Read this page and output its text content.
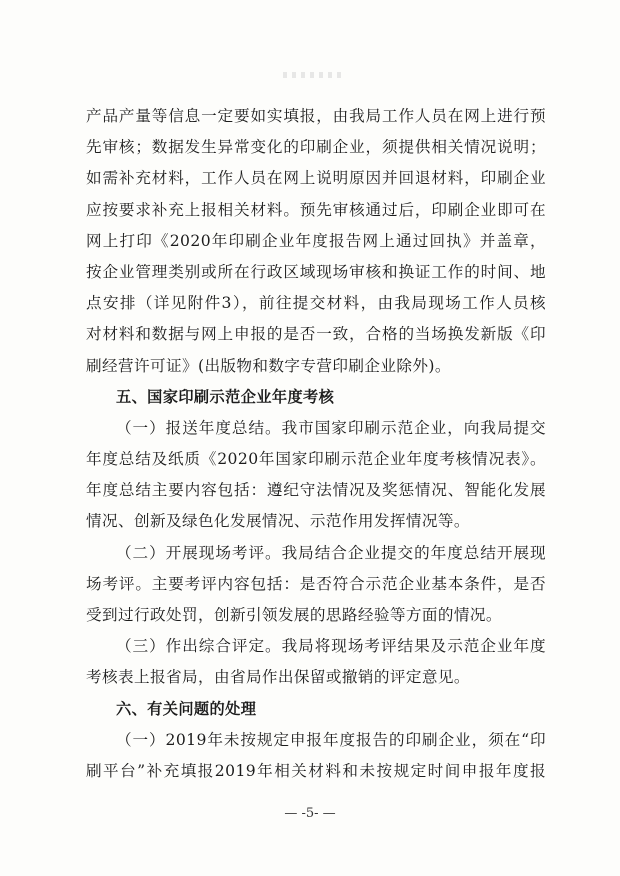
产品产量等信息一定要如实填报，由我局工作人员在网上进行预
先审核；数据发生异常变化的印刷企业，须提供相关情况说明；
如需补充材料，工作人员在网上说明原因并回退材料，印刷企业
应按要求补充上报相关材料。预先审核通过后，印刷企业即可在
网上打印《2020年印刷企业年度报告网上通过回执》并盖章，
按企业管理类别或所在行政区域现场审核和换证工作的时间、地
点安排（详见附件3），前往提交材料，由我局现场工作人员核
对材料和数据与网上申报的是否一致，合格的当场换发新版《印
刷经营许可证》(出版物和数字专营印刷企业除外)。
五、国家印刷示范企业年度考核
（一）报送年度总结。我市国家印刷示范企业，向我局提交
年度总结及纸质《2020年国家印刷示范企业年度考核情况表》。
年度总结主要内容包括：遵纪守法情况及奖惩情况、智能化发展
情况、创新及绿色化发展情况、示范作用发挥情况等。
（二）开展现场考评。我局结合企业提交的年度总结开展现
场考评。主要考评内容包括：是否符合示范企业基本条件，是否
受到过行政处罚，创新引领发展的思路经验等方面的情况。
（三）作出综合评定。我局将现场考评结果及示范企业年度
考核表上报省局，由省局作出保留或撤销的评定意见。
六、有关问题的处理
（一）2019年未按规定申报年度报告的印刷企业，须在“印
刷平台”补充填报2019年相关材料和未按规定时间申报年度报
— -5- —
